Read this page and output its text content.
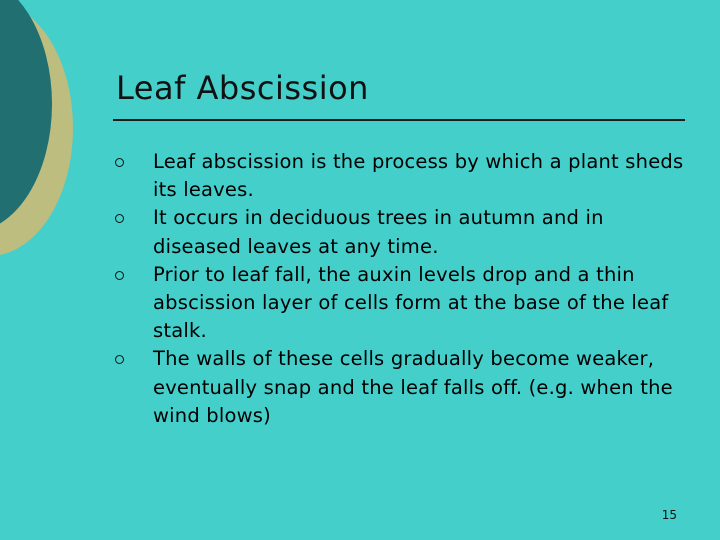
Leaf Abscission
Leaf abscission is the process by which a plant sheds its leaves.
It occurs in deciduous trees in autumn and in diseased leaves at any time.
Prior to leaf fall, the auxin levels drop and a thin abscission layer of cells form at the base of the leaf stalk.
The walls of these cells gradually become weaker, eventually snap and the leaf falls off. (e.g. when the wind blows)
15
